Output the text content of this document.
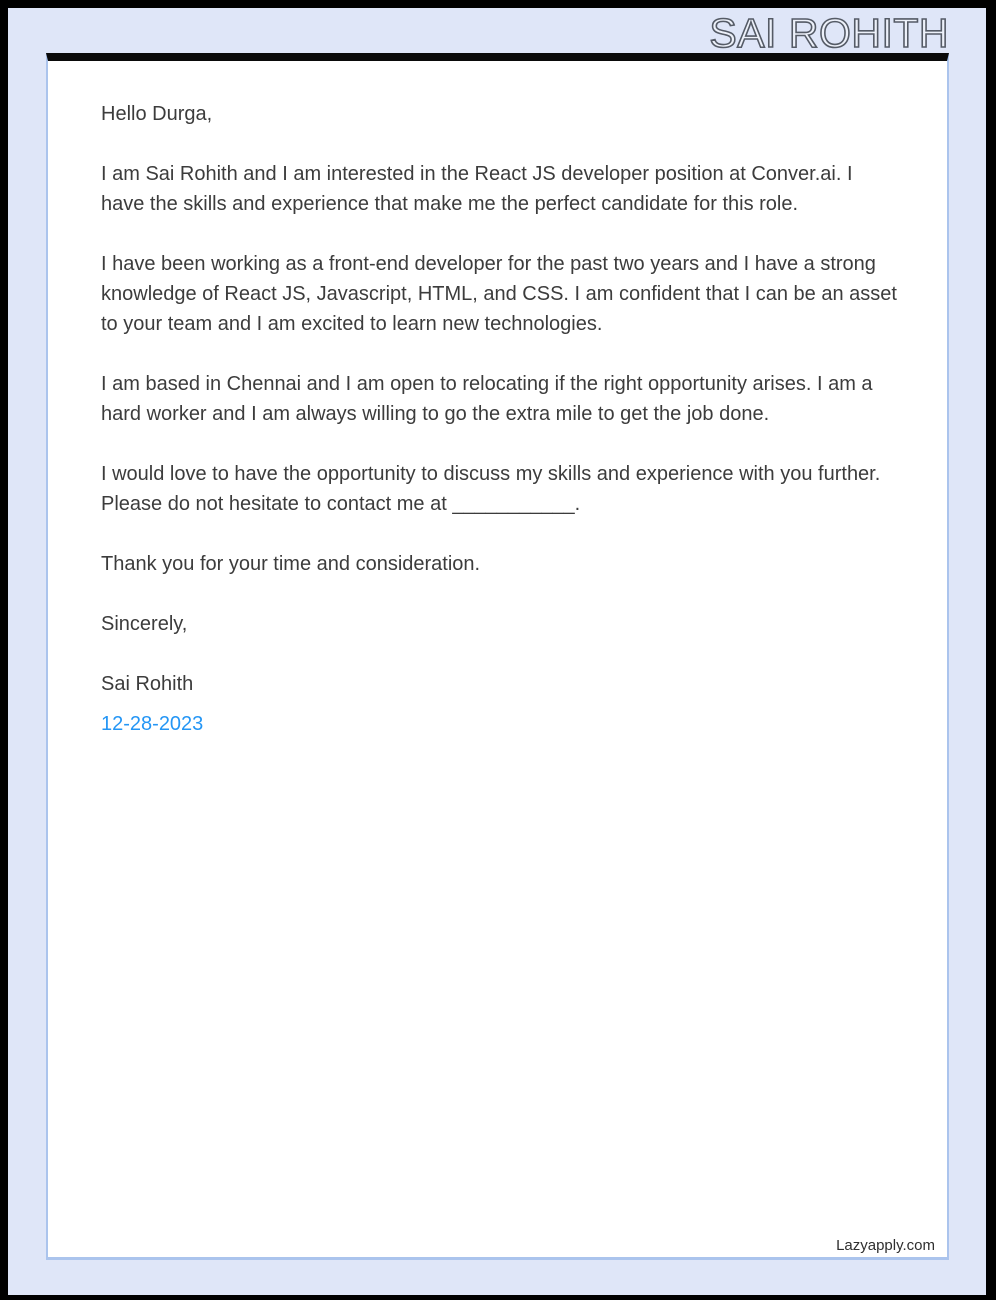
SAI ROHITH

Hello Durga,

I am Sai Rohith and I am interested in the React JS developer position at Conver.ai. I have the skills and experience that make me the perfect candidate for this role.

I have been working as a front-end developer for the past two years and I have a strong knowledge of React JS, Javascript, HTML, and CSS. I am confident that I can be an asset to your team and I am excited to learn new technologies.

I am based in Chennai and I am open to relocating if the right opportunity arises. I am a hard worker and I am always willing to go the extra mile to get the job done.

I would love to have the opportunity to discuss my skills and experience with you further. Please do not hesitate to contact me at ___________.

Thank you for your time and consideration.

Sincerely,

Sai Rohith

12-28-2023

Lazyapply.com
